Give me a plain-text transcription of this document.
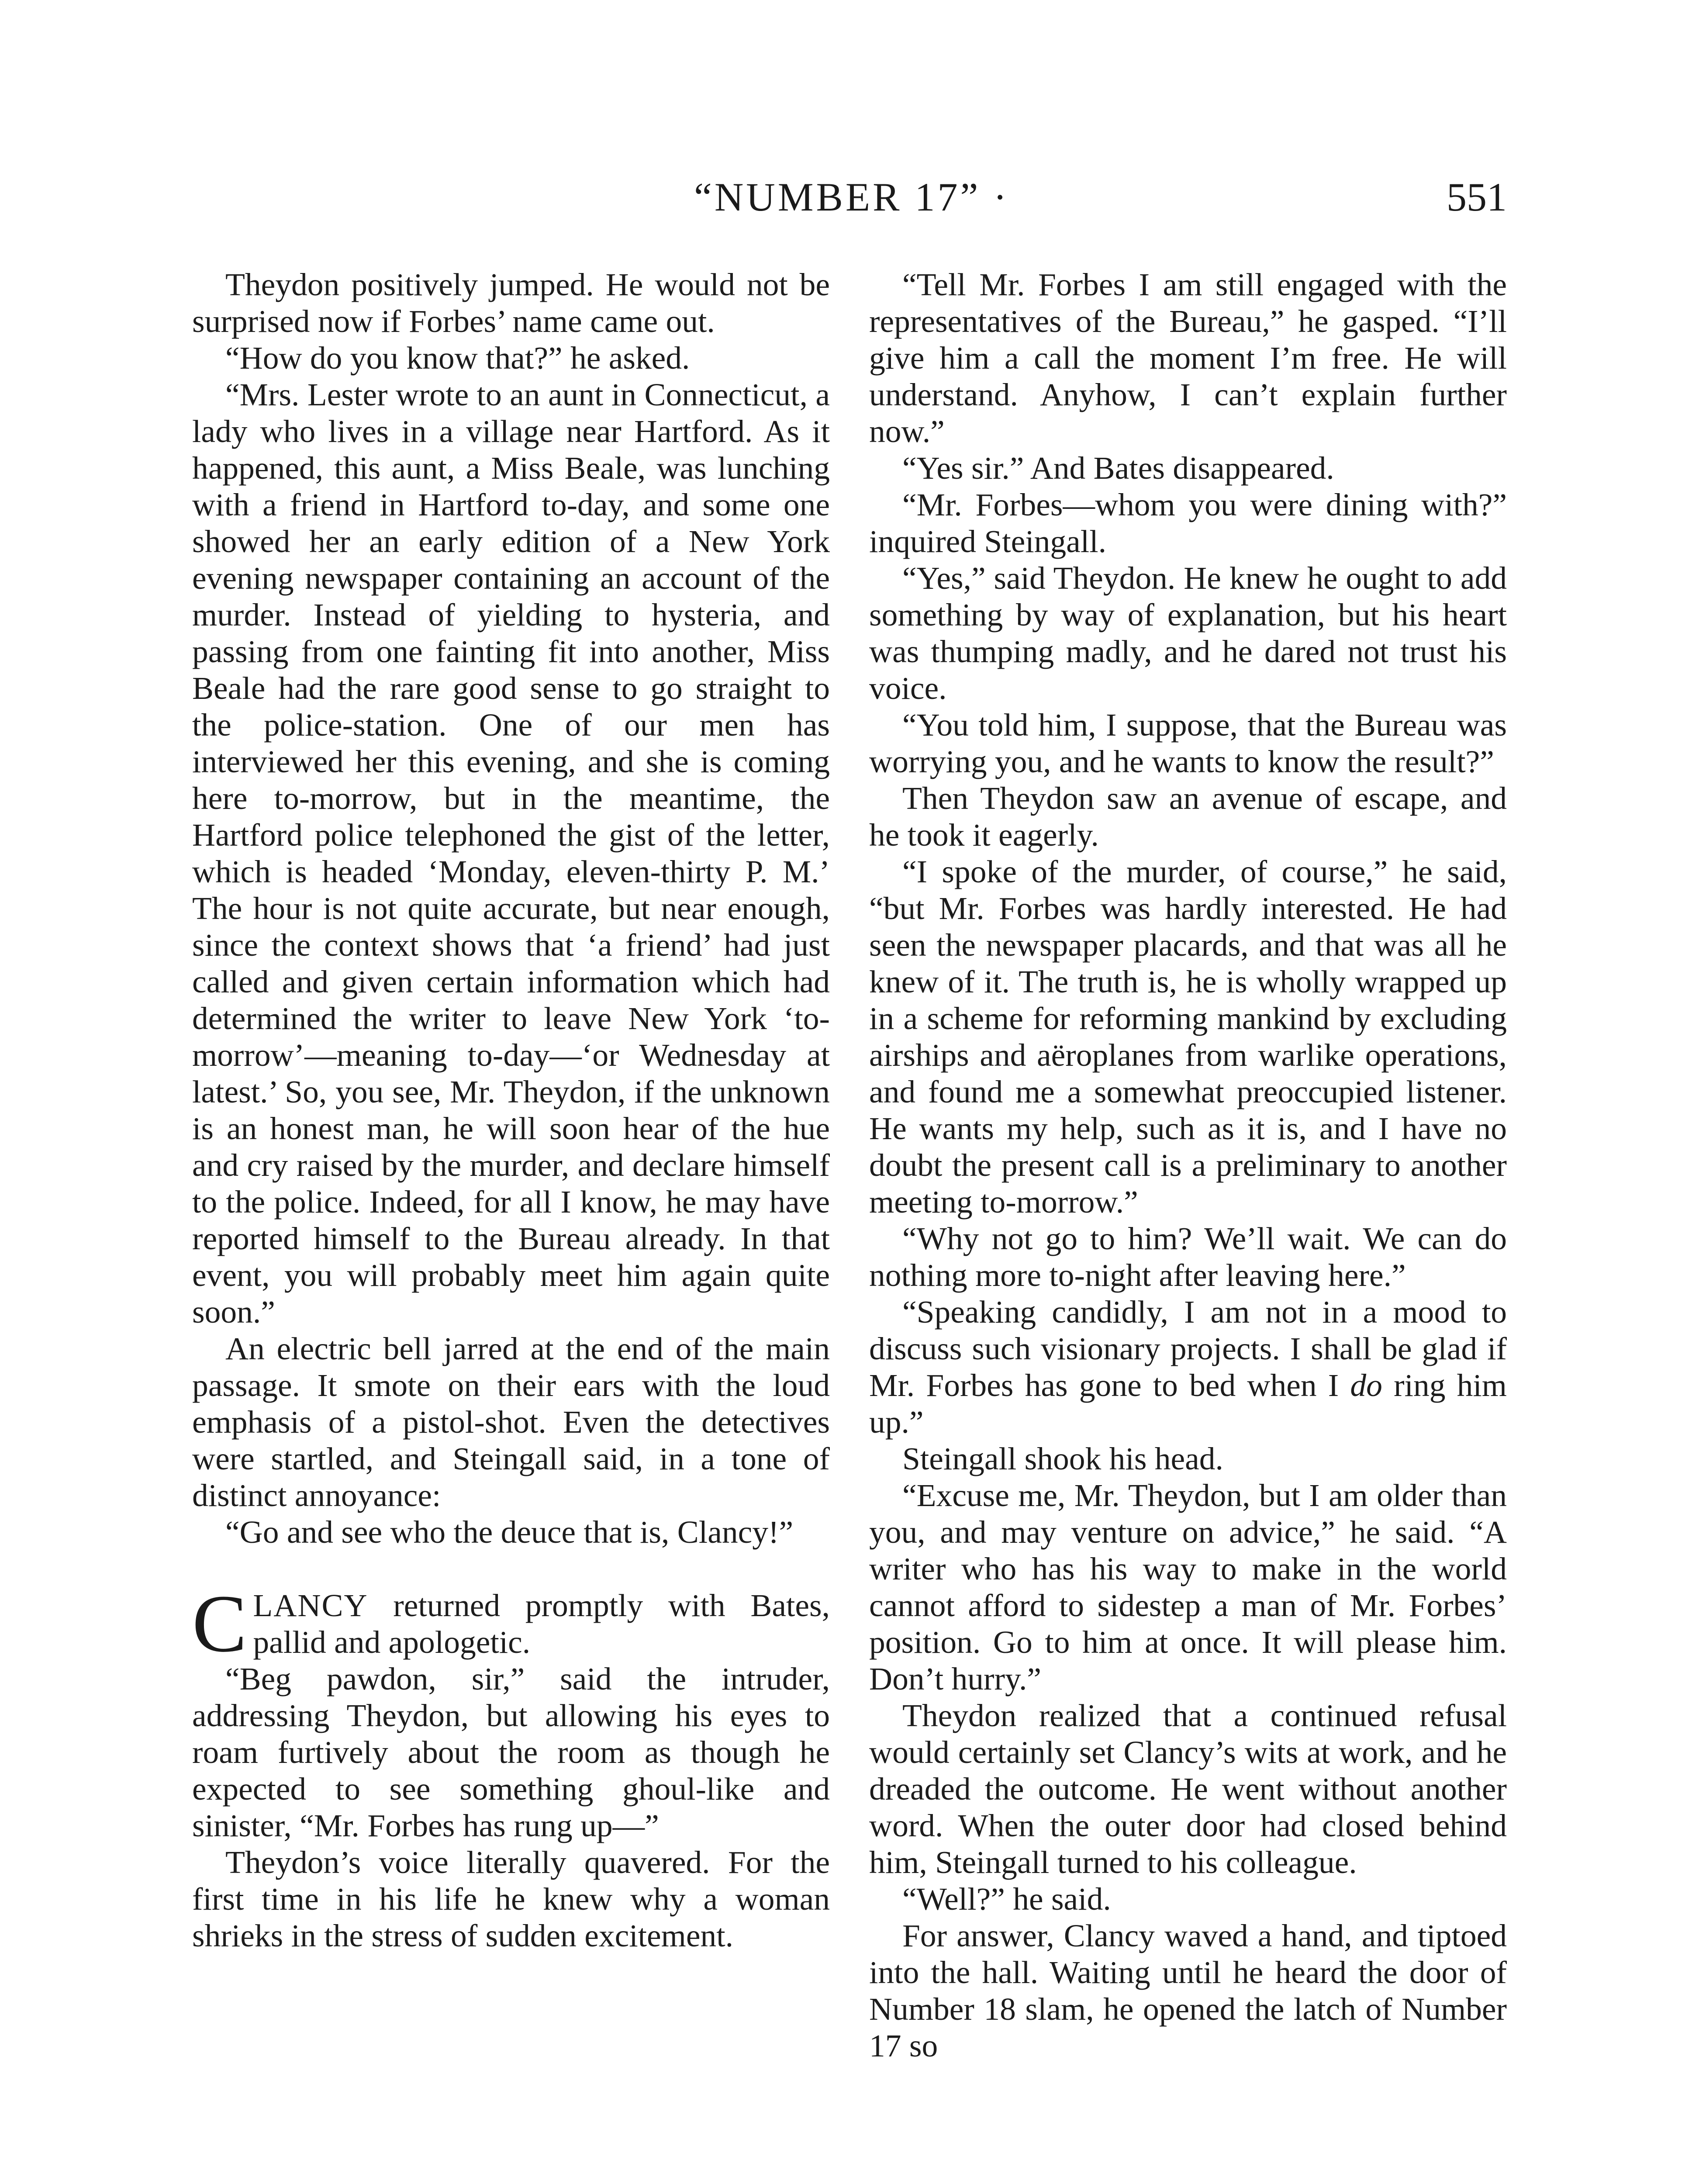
“NUMBER 17” ·	551

Theydon positively jumped. He would not be surprised now if Forbes’ name came out.

“How do you know that?” he asked.

“Mrs. Lester wrote to an aunt in Connecticut, a lady who lives in a village near Hartford. As it happened, this aunt, a Miss Beale, was lunching with a friend in Hartford to-day, and some one showed her an early edition of a New York evening newspaper containing an account of the murder. Instead of yielding to hysteria, and passing from one fainting fit into another, Miss Beale had the rare good sense to go straight to the police-station. One of our men has interviewed her this evening, and she is coming here to-morrow, but in the meantime, the Hartford police telephoned the gist of the letter, which is headed ‘Monday, eleven-thirty P. M.’ The hour is not quite accurate, but near enough, since the context shows that ‘a friend’ had just called and given certain information which had determined the writer to leave New York ‘to-morrow’—meaning to-day—‘or Wednesday at latest.’ So, you see, Mr. Theydon, if the unknown is an honest man, he will soon hear of the hue and cry raised by the murder, and declare himself to the police. Indeed, for all I know, he may have reported himself to the Bureau already. In that event, you will probably meet him again quite soon.”

An electric bell jarred at the end of the main passage. It smote on their ears with the loud emphasis of a pistol-shot. Even the detectives were startled, and Steingall said, in a tone of distinct annoyance:

“Go and see who the deuce that is, Clancy!”

CLANCY returned promptly with Bates, pallid and apologetic.

“Beg pawdon, sir,” said the intruder, addressing Theydon, but allowing his eyes to roam furtively about the room as though he expected to see something ghoul-like and sinister, “Mr. Forbes has rung up—”

Theydon’s voice literally quavered. For the first time in his life he knew why a woman shrieks in the stress of sudden excitement.

“Tell Mr. Forbes I am still engaged with the representatives of the Bureau,” he gasped. “I’ll give him a call the moment I’m free. He will understand. Anyhow, I can’t explain further now.”

“Yes sir.” And Bates disappeared.

“Mr. Forbes—whom you were dining with?” inquired Steingall.

“Yes,” said Theydon. He knew he ought to add something by way of explanation, but his heart was thumping madly, and he dared not trust his voice.

“You told him, I suppose, that the Bureau was worrying you, and he wants to know the result?”

Then Theydon saw an avenue of escape, and he took it eagerly.

“I spoke of the murder, of course,” he said, “but Mr. Forbes was hardly interested. He had seen the newspaper placards, and that was all he knew of it. The truth is, he is wholly wrapped up in a scheme for reforming mankind by excluding airships and aëroplanes from warlike operations, and found me a somewhat preoccupied listener. He wants my help, such as it is, and I have no doubt the present call is a preliminary to another meeting to-morrow.”

“Why not go to him? We’ll wait. We can do nothing more to-night after leaving here.”

“Speaking candidly, I am not in a mood to discuss such visionary projects. I shall be glad if Mr. Forbes has gone to bed when I do ring him up.”

Steingall shook his head.

“Excuse me, Mr. Theydon, but I am older than you, and may venture on advice,” he said. “A writer who has his way to make in the world cannot afford to sidestep a man of Mr. Forbes’ position. Go to him at once. It will please him. Don’t hurry.”

Theydon realized that a continued refusal would certainly set Clancy’s wits at work, and he dreaded the outcome. He went without another word. When the outer door had closed behind him, Steingall turned to his colleague.

“Well?” he said.

For answer, Clancy waved a hand, and tiptoed into the hall. Waiting until he heard the door of Number 18 slam, he opened the latch of Number 17 so
